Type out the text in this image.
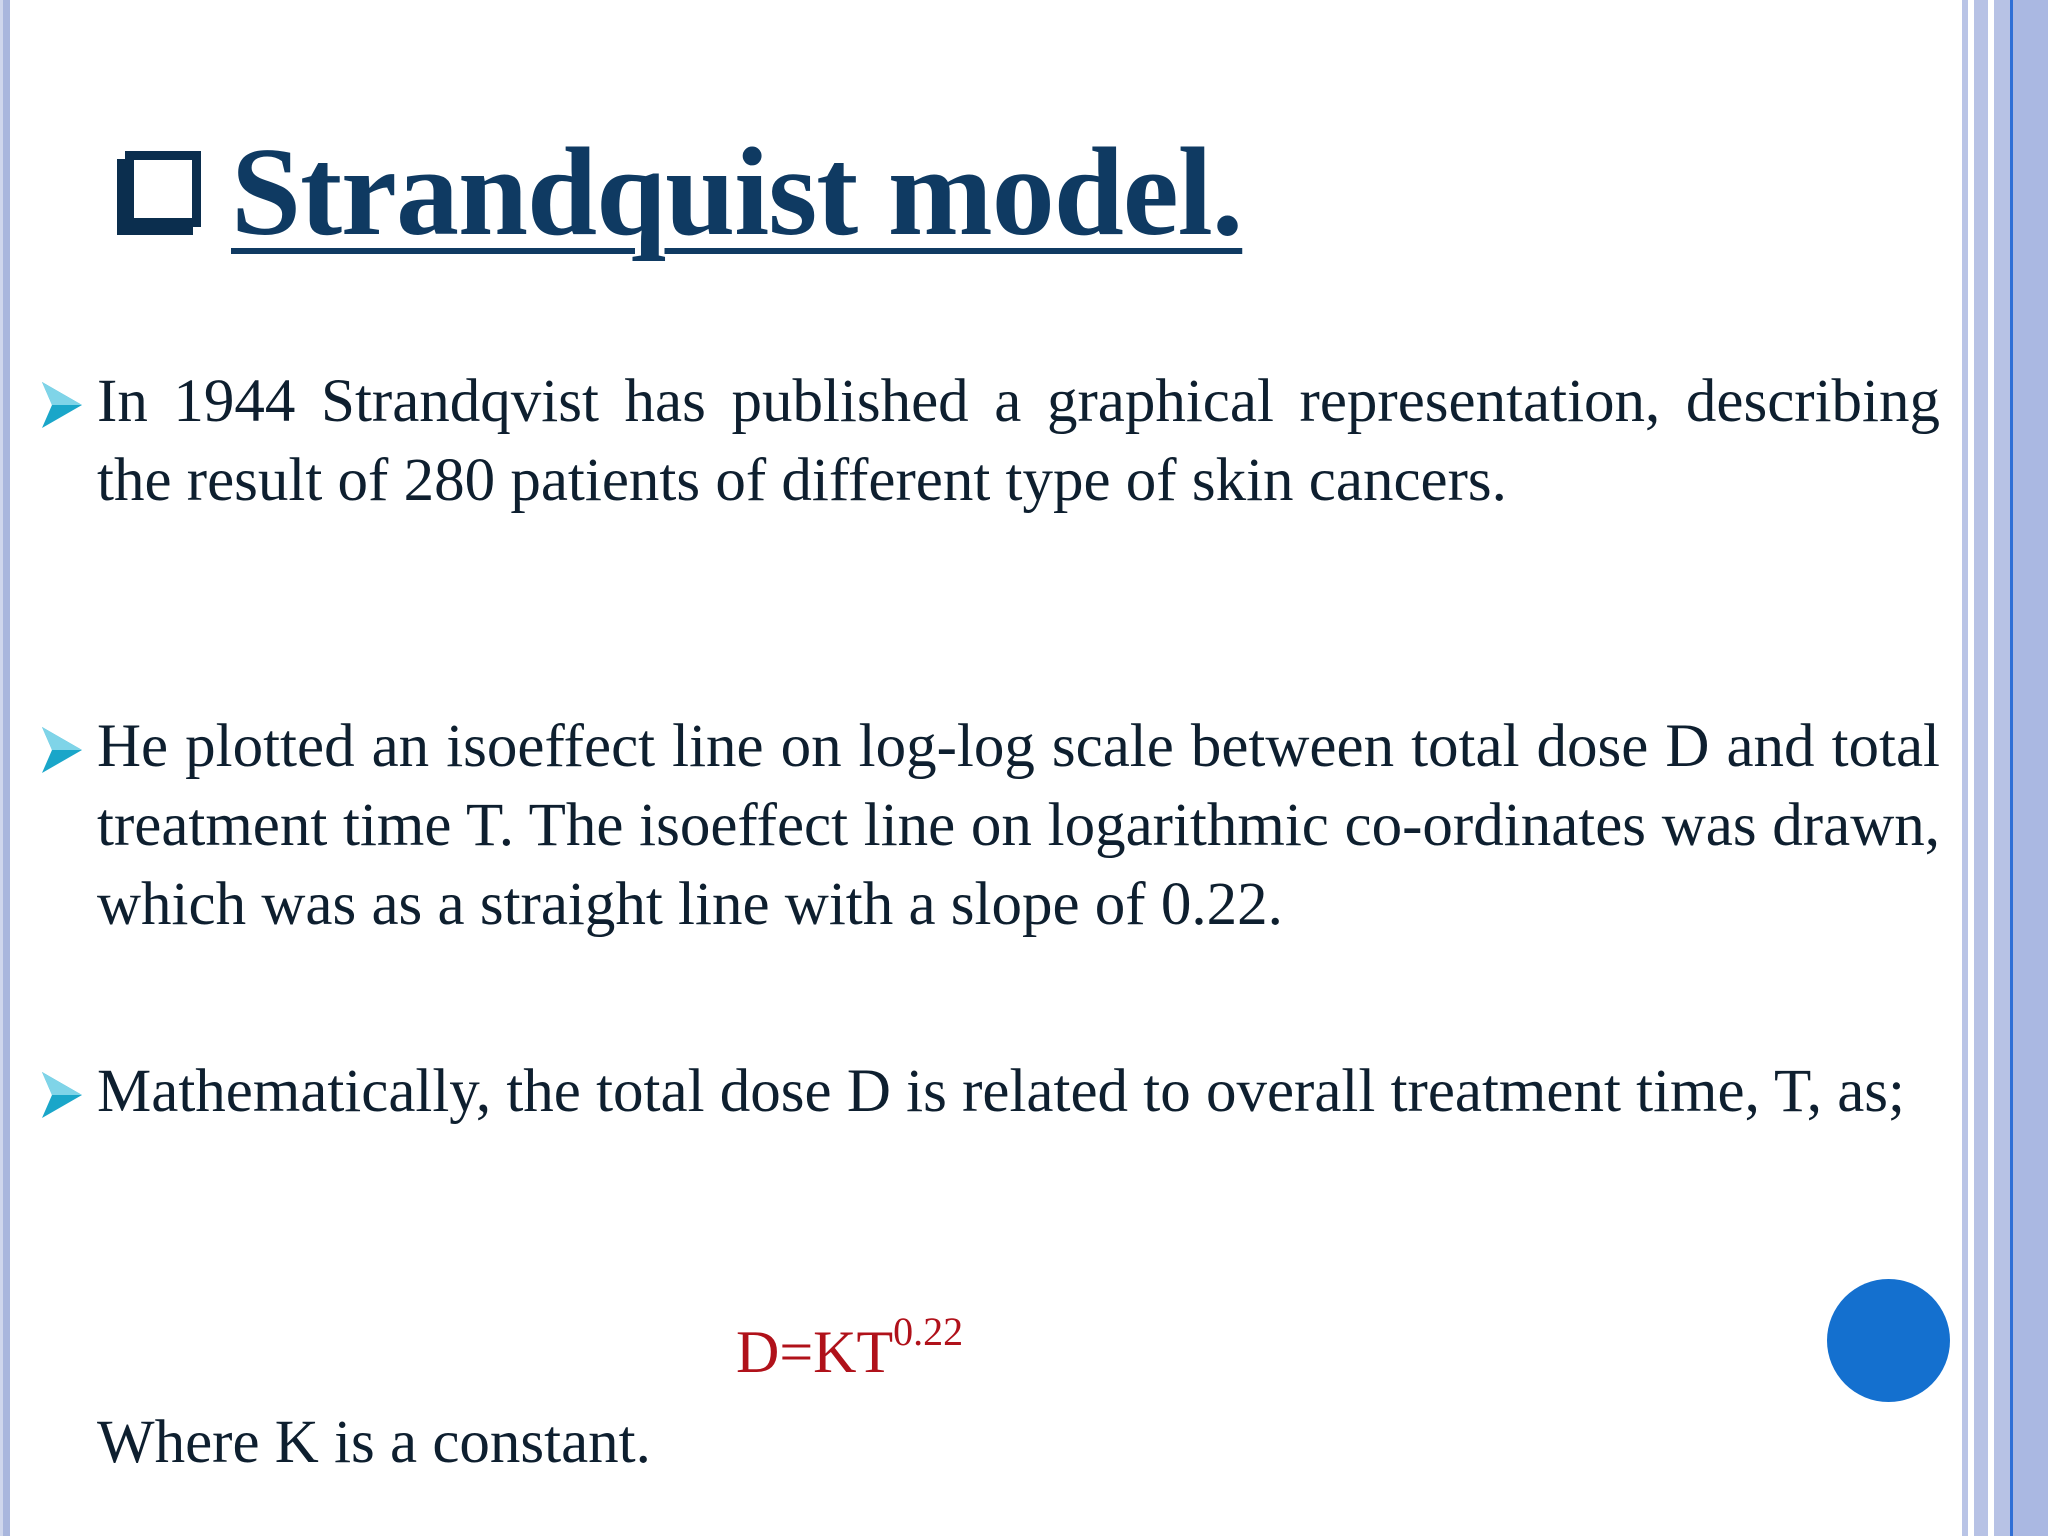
Strandquist model.
In 1944 Strandqvist has published a graphical representation, describing the result of 280 patients of different type of skin cancers.
He plotted an isoeffect line on log-log scale between total dose D and total treatment time T. The isoeffect line on logarithmic co-ordinates was drawn, which was as a straight line with a slope of 0.22.
Mathematically, the total dose D is related to overall treatment time, T, as;
$D=KT^{0.22}$
Where K is a constant.
